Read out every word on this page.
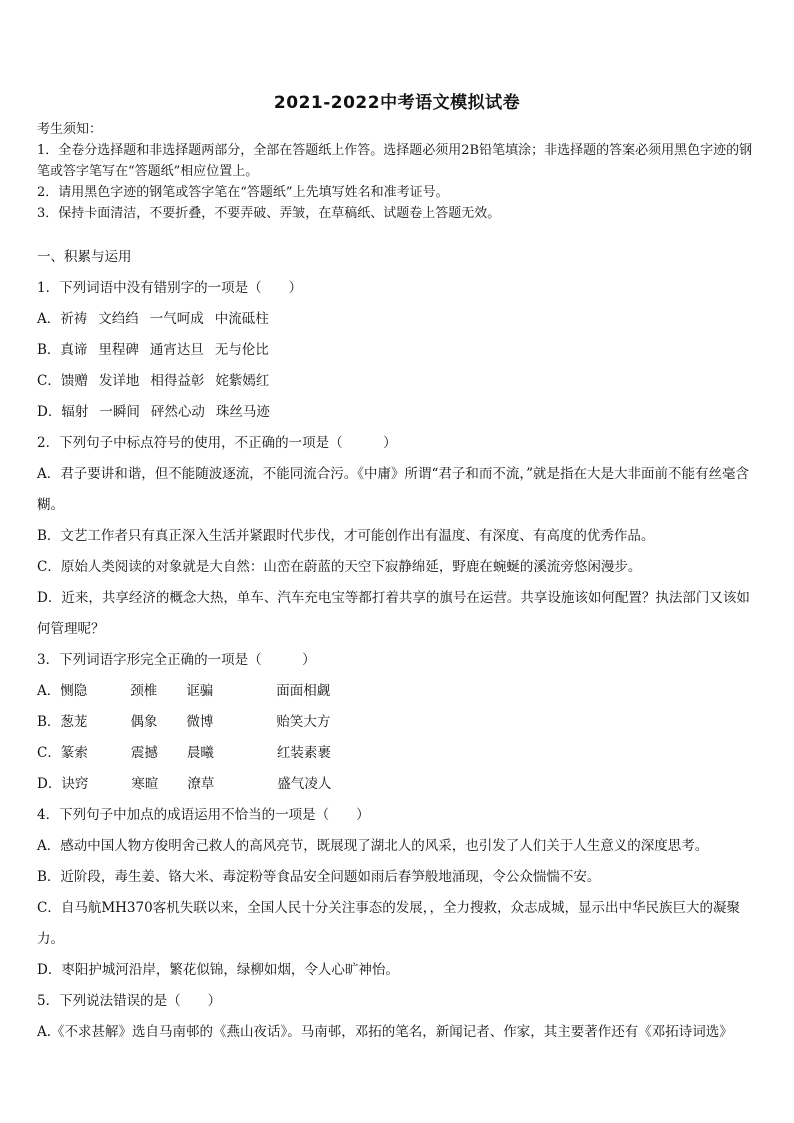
2021-2022中考语文模拟试卷
考生须知：
1．全卷分选择题和非选择题两部分，全部在答题纸上作答。选择题必须用2B铅笔填涂；非选择题的答案必须用黑色字迹的钢笔或答字笔写在“答题纸”相应位置上。
2．请用黑色字迹的钢笔或答字笔在“答题纸”上先填写姓名和准考证号。
3．保持卡面清洁，不要折叠，不要弄破、弄皱，在草稿纸、试题卷上答题无效。
一、积累与运用
1．下列词语中没有错别字的一项是（　　）
A．祈祷 文绉绉 一气呵成 中流砥柱
B．真谛 里程碑 通宵达旦 无与伦比
C．馈赠 发详地 相得益彰 姹紫嫣红
D．辐射 一瞬间 砰然心动 珠丝马迹
2．下列句子中标点符号的使用，不正确的一项是（　　　）
A．君子要讲和谐，但不能随波逐流，不能同流合污。《中庸》所谓“君子和而不流，”就是指在大是大非面前不能有丝毫含糊。
B．文艺工作者只有真正深入生活并紧跟时代步伐，才可能创作出有温度、有深度、有高度的优秀作品。
C．原始人类阅读的对象就是大自然：山峦在蔚蓝的天空下寂静绵延，野鹿在蜿蜒的溪流旁悠闲漫步。
D．近来，共享经济的概念大热，单车、汽车充电宝等都打着共享的旗号在运营。共享设施该如何配置？执法部门又该如何管理呢？
3．下列词语字形完全正确的一项是（　　　）
A．恻隐	颈椎 诓骗	面面相觑
B．葱茏	偶象 微博	贻笑大方
C．篆索	震撼 晨曦	红装素裹
D．诀窍	寒暄 潦草	盛气凌人
4．下列句子中加点的成语运用不恰当的一项是（　　）
A．感动中国人物方俊明舍己救人的高风亮节，既展现了湖北人的风采，也引发了人们关于人生意义的深度思考。
B．近阶段，毒生姜、铬大米、毒淀粉等食品安全问题如雨后春笋般地涌现，令公众惴惴不安。
C．自马航MH370客机失联以来，全国人民十分关注事态的发展，，全力搜救，众志成城，显示出中华民族巨大的凝聚力。
D．枣阳护城河沿岸，繁花似锦，绿柳如烟，令人心旷神怡。
5．下列说法错误的是（　　）
A.《不求甚解》选自马南邨的《燕山夜话》。马南邨，邓拓的笔名，新闻记者、作家，其主要著作还有《邓拓诗词选》
